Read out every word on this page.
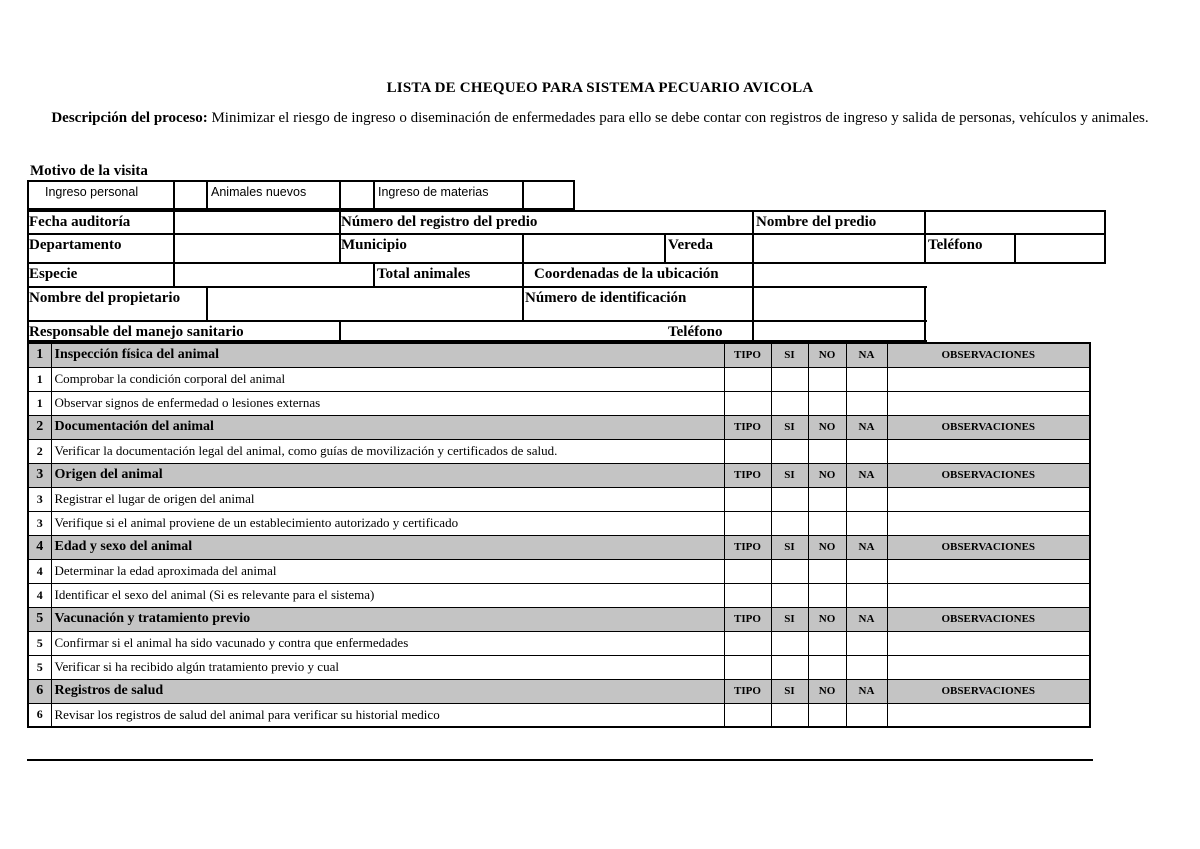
LISTA DE CHEQUEO PARA SISTEMA PECUARIO AVICOLA
Descripción del proceso: Minimizar el riesgo de ingreso o diseminación de enfermedades para ello se debe contar con registros de ingreso y salida de personas, vehículos y animales.
Motivo de la visita
Ingreso personal	Animales nuevos	Ingreso de materias
Fecha auditoría	Número del registro del predio	Nombre del predio
Departamento	Municipio	Vereda	Teléfono
Especie	Total animales	Coordenadas de la ubicación
Nombre del propietario	Número de identificación
Responsable del manejo sanitario	Teléfono
1	Inspección física del animal	TIPO	SI	NO	NA	OBSERVACIONES
1	Comprobar la condición corporal del animal					
1	Observar signos de enfermedad o lesiones externas					
2	Documentación del animal	TIPO	SI	NO	NA	OBSERVACIONES
2	Verificar la documentación legal del animal, como guías de movilización y certificados de salud.					
3	Origen del animal	TIPO	SI	NO	NA	OBSERVACIONES
3	Registrar el lugar de origen del animal					
3	Verifique si el animal proviene de un establecimiento autorizado y certificado					
4	Edad y sexo del animal	TIPO	SI	NO	NA	OBSERVACIONES
4	Determinar la edad aproximada del animal					
4	Identificar el sexo del animal (Si es relevante para el sistema)					
5	Vacunación y tratamiento previo	TIPO	SI	NO	NA	OBSERVACIONES
5	Confirmar si el animal ha sido vacunado y contra que enfermedades					
5	Verificar si ha recibido algún tratamiento previo y cual					
6	Registros de salud	TIPO	SI	NO	NA	OBSERVACIONES
6	Revisar los registros de salud del animal para verificar su historial medico					
